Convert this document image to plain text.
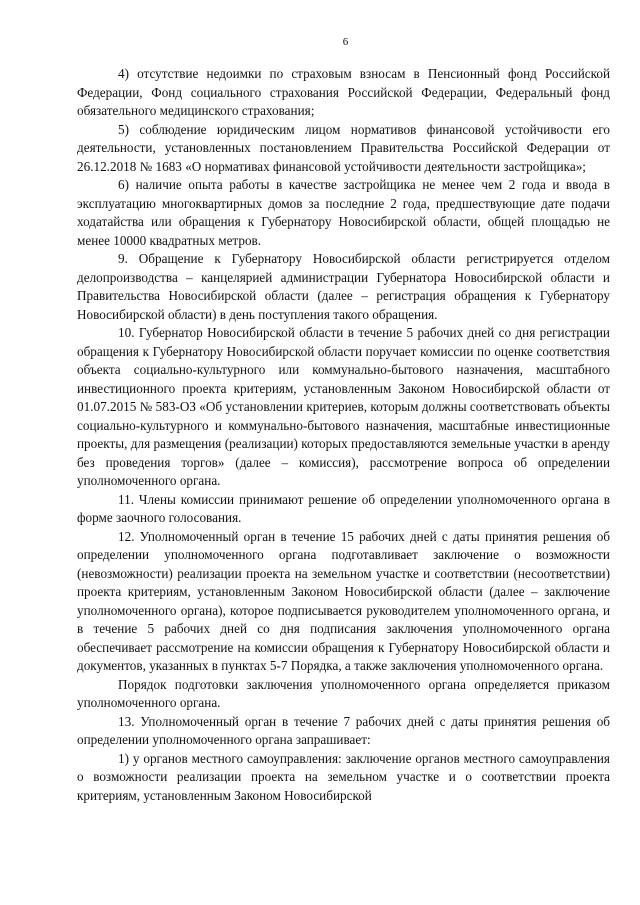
6

4) отсутствие недоимки по страховым взносам в Пенсионный фонд Российской Федерации, Фонд социального страхования Российской Федерации, Федеральный фонд обязательного медицинского страхования;

5) соблюдение юридическим лицом нормативов финансовой устойчивости его деятельности, установленных постановлением Правительства Российской Федерации от 26.12.2018 № 1683 «О нормативах финансовой устойчивости деятельности застройщика»;

6) наличие опыта работы в качестве застройщика не менее чем 2 года и ввода в эксплуатацию многоквартирных домов за последние 2 года, предшествующие дате подачи ходатайства или обращения к Губернатору Новосибирской области, общей площадью не менее 10000 квадратных метров.

9. Обращение к Губернатору Новосибирской области регистрируется отделом делопроизводства – канцелярией администрации Губернатора Новосибирской области и Правительства Новосибирской области (далее – регистрация обращения к Губернатору Новосибирской области) в день поступления такого обращения.

10. Губернатор Новосибирской области в течение 5 рабочих дней со дня регистрации обращения к Губернатору Новосибирской области поручает комиссии по оценке соответствия объекта социально-культурного или коммунально-бытового назначения, масштабного инвестиционного проекта критериям, установленным Законом Новосибирской области от 01.07.2015 № 583-ОЗ «Об установлении критериев, которым должны соответствовать объекты социально-культурного и коммунально-бытового назначения, масштабные инвестиционные проекты, для размещения (реализации) которых предоставляются земельные участки в аренду без проведения торгов» (далее – комиссия), рассмотрение вопроса об определении уполномоченного органа.

11. Члены комиссии принимают решение об определении уполномоченного органа в форме заочного голосования.

12. Уполномоченный орган в течение 15 рабочих дней с даты принятия решения об определении уполномоченного органа подготавливает заключение о возможности (невозможности) реализации проекта на земельном участке и соответствии (несоответствии) проекта критериям, установленным Законом Новосибирской области (далее – заключение уполномоченного органа), которое подписывается руководителем уполномоченного органа, и в течение 5 рабочих дней со дня подписания заключения уполномоченного органа обеспечивает рассмотрение на комиссии обращения к Губернатору Новосибирской области и документов, указанных в пунктах 5-7 Порядка, а также заключения уполномоченного органа.

Порядок подготовки заключения уполномоченного органа определяется приказом уполномоченного органа.

13. Уполномоченный орган в течение 7 рабочих дней с даты принятия решения об определении уполномоченного органа запрашивает:

1) у органов местного самоуправления: заключение органов местного самоуправления о возможности реализации проекта на земельном участке и о соответствии проекта критериям, установленным Законом Новосибирской
